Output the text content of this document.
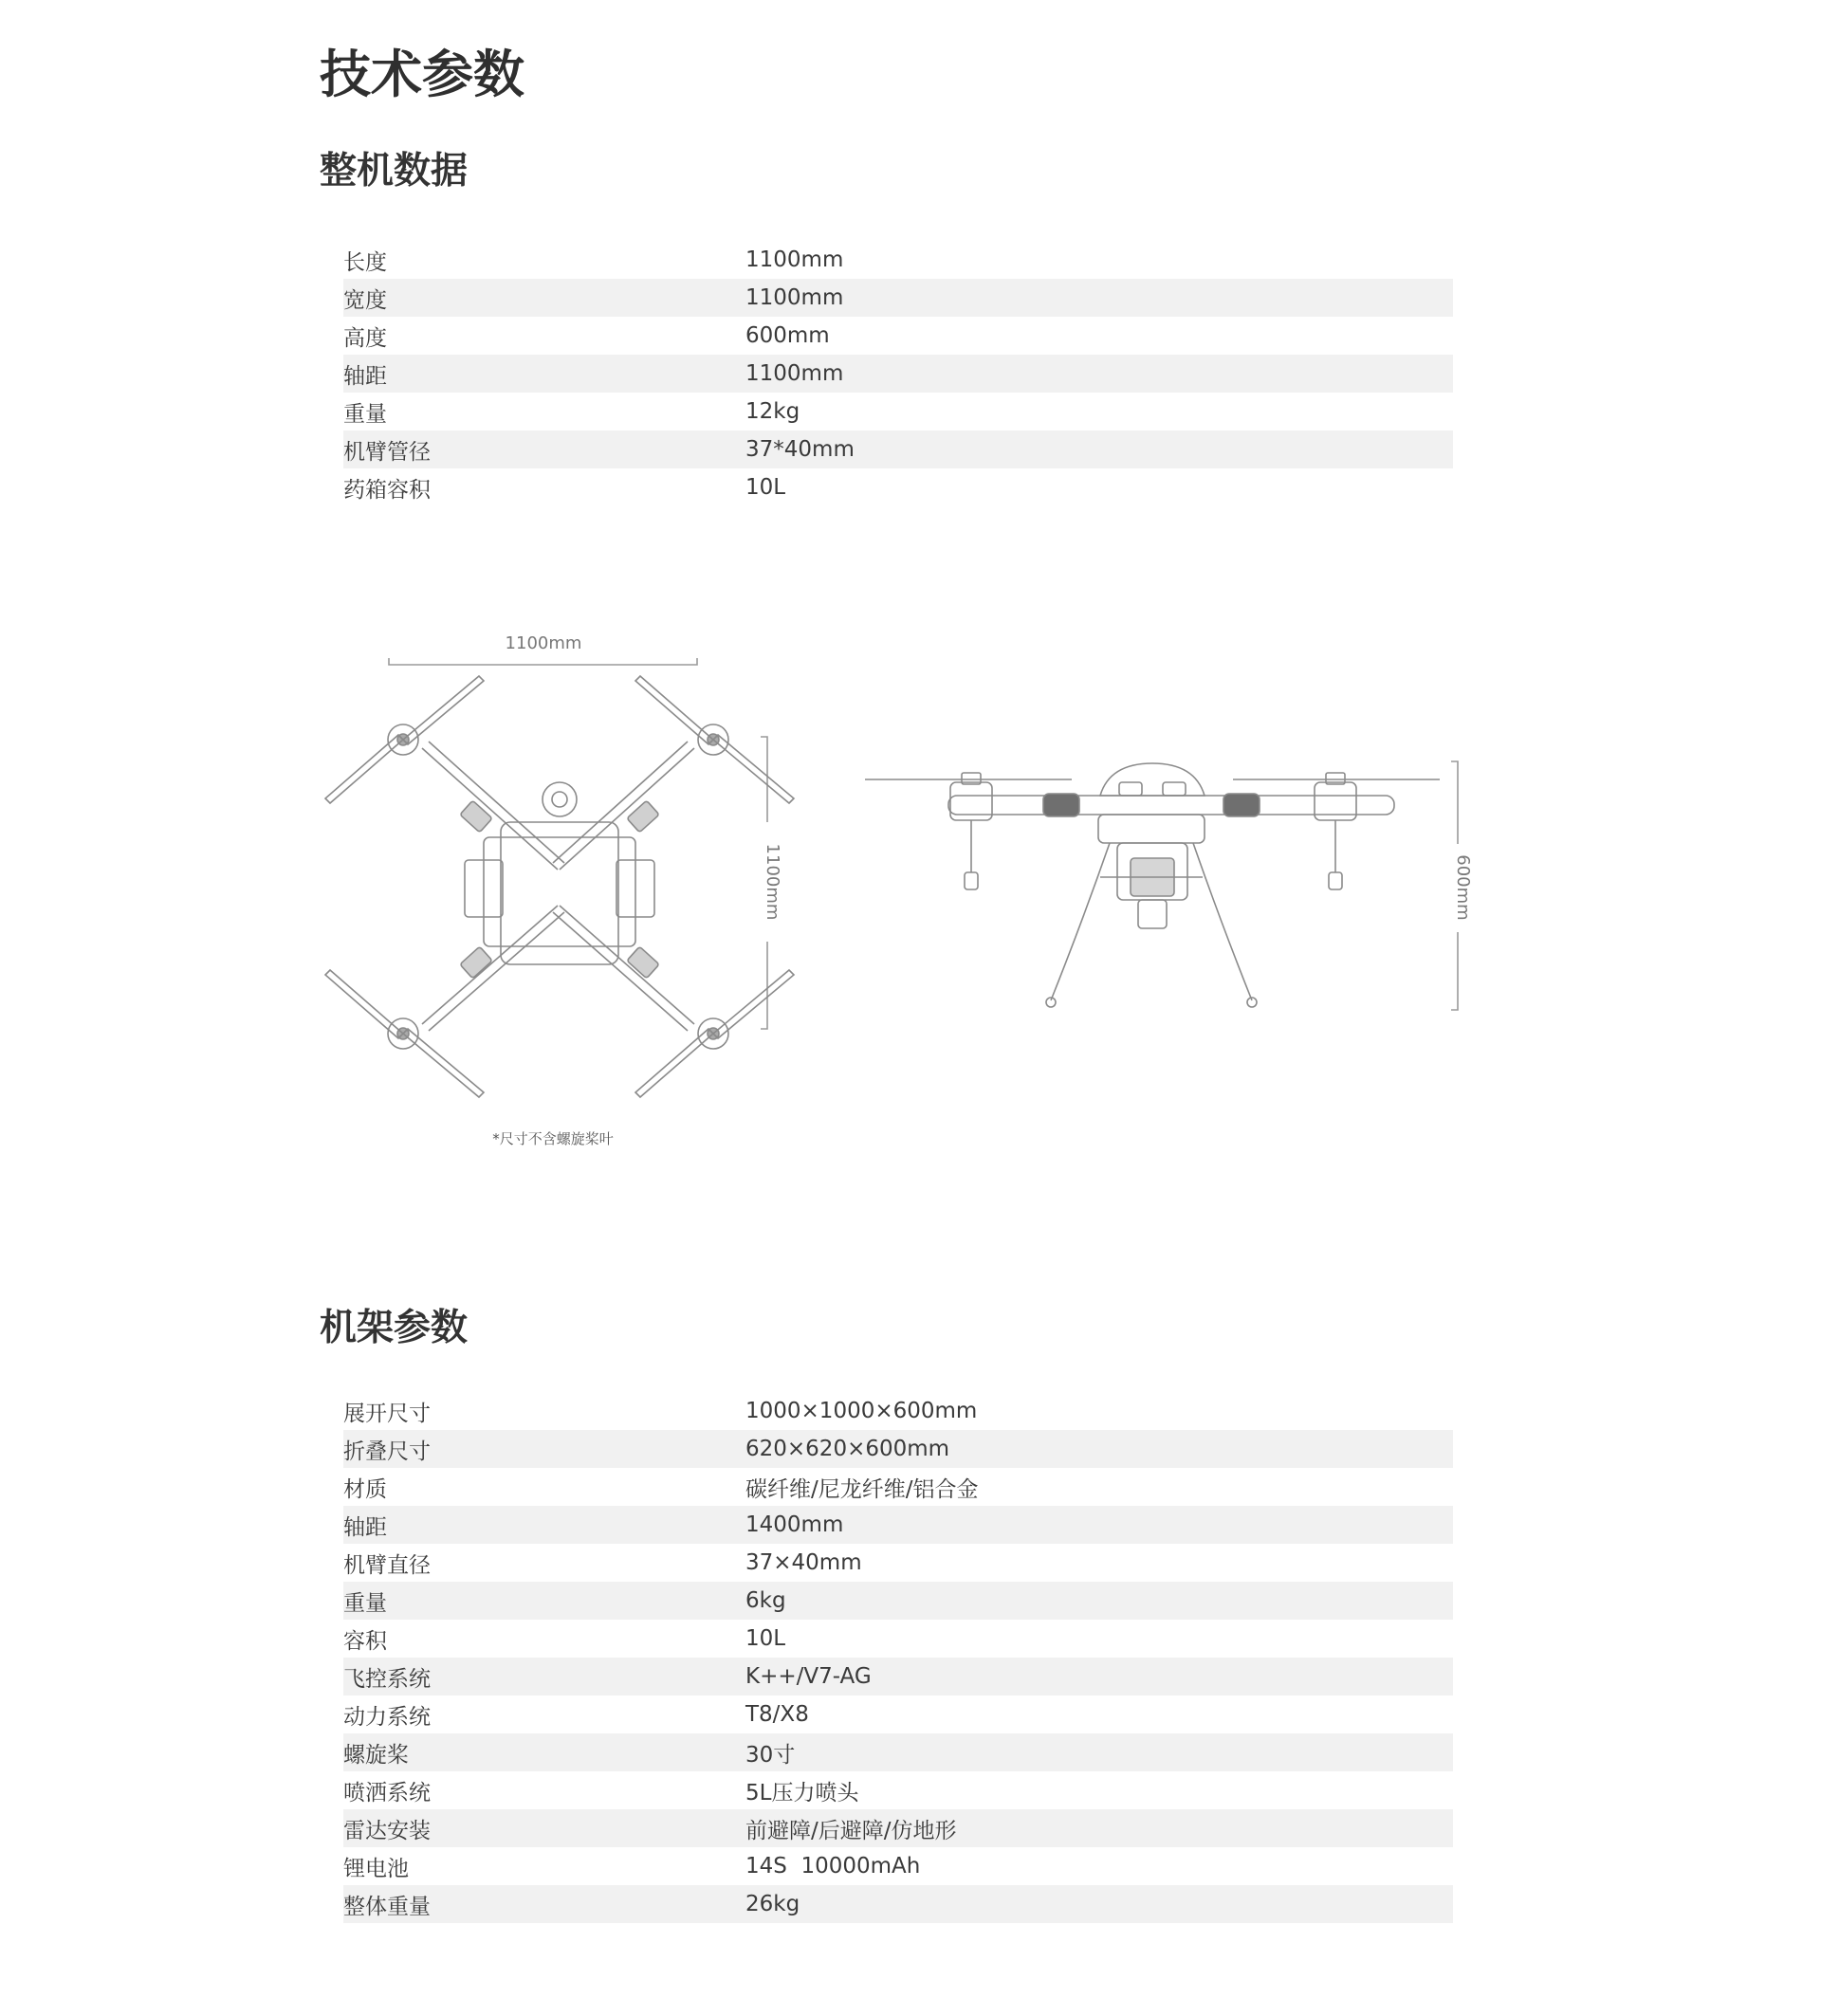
技术参数
整机数据
长度	1100mm
宽度	1100mm
高度	600mm
轴距	1100mm
重量	12kg
机臂管径	37*40mm
药箱容积	10L
1100mm
1100mm	600mm
*尺寸不含螺旋桨叶
机架参数
展开尺寸	1000×1000×600mm
折叠尺寸	620×620×600mm
材质	碳纤维/尼龙纤维/铝合金
轴距	1400mm
机臂直径	37×40mm
重量	6kg
容积	10L
飞控系统	K++/V7-AG
动力系统	T8/X8
螺旋桨	30寸
喷洒系统	5L压力喷头
雷达安装	前避障/后避障/仿地形
锂电池	14S  10000mAh
整体重量	26kg
